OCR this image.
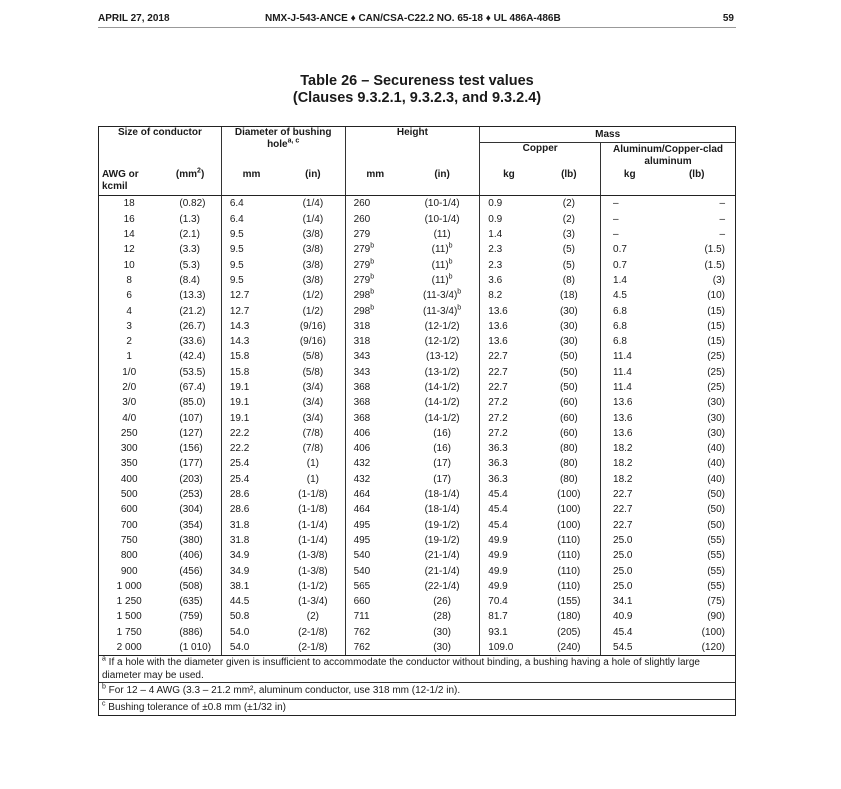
APRIL 27, 2018	NMX-J-543-ANCE ♦ CAN/CSA-C22.2 NO. 65-18 ♦ UL 486A-486B	59
Table 26 – Secureness test values
(Clauses 9.3.2.1, 9.3.2.3, and 9.3.2.4)
Size of conductor		Diameter of bushing hole$^{a, c}$		Height		Mass			
						Copper		Aluminum/Copper-clad aluminum	
AWG or kcmil	$(mm^2)$	mm	(in)	mm	(in)	kg	(lb)	kg	(lb)
18	(0.82)	6.4	(1/4)	260	(10-1/4)	0.9	(2)	–	–
16	(1.3)	6.4	(1/4)	260	(10-1/4)	0.9	(2)	–	–
14	(2.1)	9.5	(3/8)	279	(11)	1.4	(3)	–	–
12	(3.3)	9.5	(3/8)	279$^b$	$(11)^b$	2.3	(5)	0.7	(1.5)
10	(5.3)	9.5	(3/8)	279$^b$	$(11)^b$	2.3	(5)	0.7	(1.5)
8	(8.4)	9.5	(3/8)	279$^b$	$(11)^b$	3.6	(8)	1.4	(3)
6	(13.3)	12.7	(1/2)	298$^b$	$(11-3/4)^b$	8.2	(18)	4.5	(10)
4	(21.2)	12.7	(1/2)	298$^b$	$(11-3/4)^b$	13.6	(30)	6.8	(15)
3	(26.7)	14.3	(9/16)	318	(12-1/2)	13.6	(30)	6.8	(15)
2	(33.6)	14.3	(9/16)	318	(12-1/2)	13.6	(30)	6.8	(15)
1	(42.4)	15.8	(5/8)	343	(13-12)	22.7	(50)	11.4	(25)
1/0	(53.5)	15.8	(5/8)	343	(13-1/2)	22.7	(50)	11.4	(25)
2/0	(67.4)	19.1	(3/4)	368	(14-1/2)	22.7	(50)	11.4	(25)
3/0	(85.0)	19.1	(3/4)	368	(14-1/2)	27.2	(60)	13.6	(30)
4/0	(107)	19.1	(3/4)	368	(14-1/2)	27.2	(60)	13.6	(30)
250	(127)	22.2	(7/8)	406	(16)	27.2	(60)	13.6	(30)
300	(156)	22.2	(7/8)	406	(16)	36.3	(80)	18.2	(40)
350	(177)	25.4	(1)	432	(17)	36.3	(80)	18.2	(40)
400	(203)	25.4	(1)	432	(17)	36.3	(80)	18.2	(40)
500	(253)	28.6	(1-1/8)	464	(18-1/4)	45.4	(100)	22.7	(50)
600	(304)	28.6	(1-1/8)	464	(18-1/4)	45.4	(100)	22.7	(50)
700	(354)	31.8	(1-1/4)	495	(19-1/2)	45.4	(100)	22.7	(50)
750	(380)	31.8	(1-1/4)	495	(19-1/2)	49.9	(110)	25.0	(55)
800	(406)	34.9	(1-3/8)	540	(21-1/4)	49.9	(110)	25.0	(55)
900	(456)	34.9	(1-3/8)	540	(21-1/4)	49.9	(110)	25.0	(55)
1 000	(508)	38.1	(1-1/2)	565	(22-1/4)	49.9	(110)	25.0	(55)
1 250	(635)	44.5	(1-3/4)	660	(26)	70.4	(155)	34.1	(75)
1 500	(759)	50.8	(2)	711	(28)	81.7	(180)	40.9	(90)
1 750	(886)	54.0	(2-1/8)	762	(30)	93.1	(205)	45.4	(100)
2 000	(1 010)	54.0	(2-1/8)	762	(30)	109.0	(240)	54.5	(120)
$^a$ If a hole with the diameter given is insufficient to accommodate the conductor without binding, a bushing having a hole of slightly large diameter may be used.									
$^b$ For 12 – 4 AWG (3.3 – 21.2 mm², aluminum conductor, use 318 mm (12-1/2 in).									
$^c$ Bushing tolerance of ±0.8 mm (±1/32 in)									
